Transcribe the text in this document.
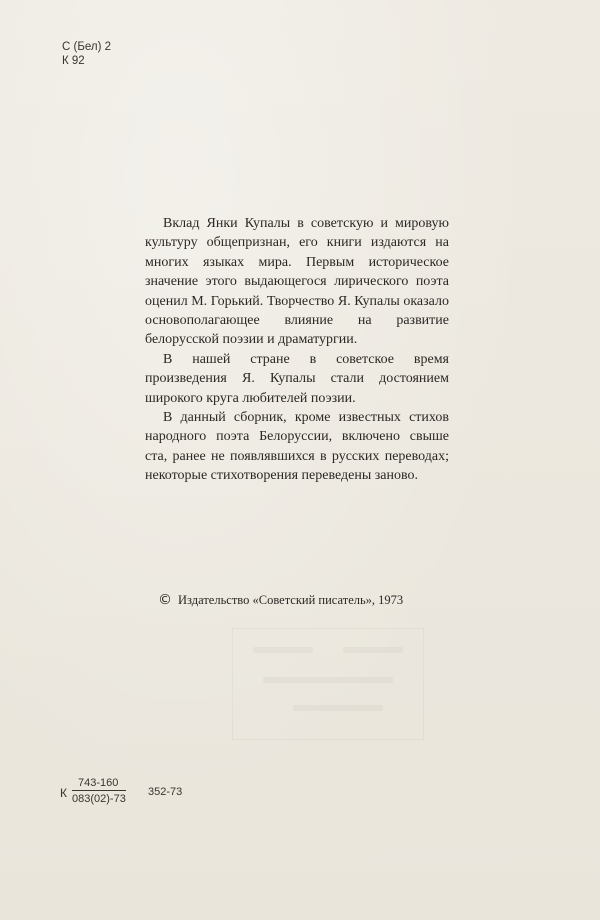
С (Бел) 2
К 92

Вклад Янки Купалы в советскую и мировую культуру общепризнан, его книги издаются на многих языках мира. Первым историческое значение этого выдающегося лирического поэта оценил М. Горький. Творчество Я. Купалы оказало основополагающее влияние на развитие белорусской поэзии и драматургии.

В нашей стране в советское время произведения Я. Купалы стали достоянием широкого круга любителей поэзии.

В данный сборник, кроме известных стихов народного поэта Белоруссии, включено свыше ста, ранее не появлявшихся в русских переводах; некоторые стихотворения переведены заново.

© Издательство «Советский писатель», 1973
К $\frac{743-160}{083(02)-73} 352-73$
